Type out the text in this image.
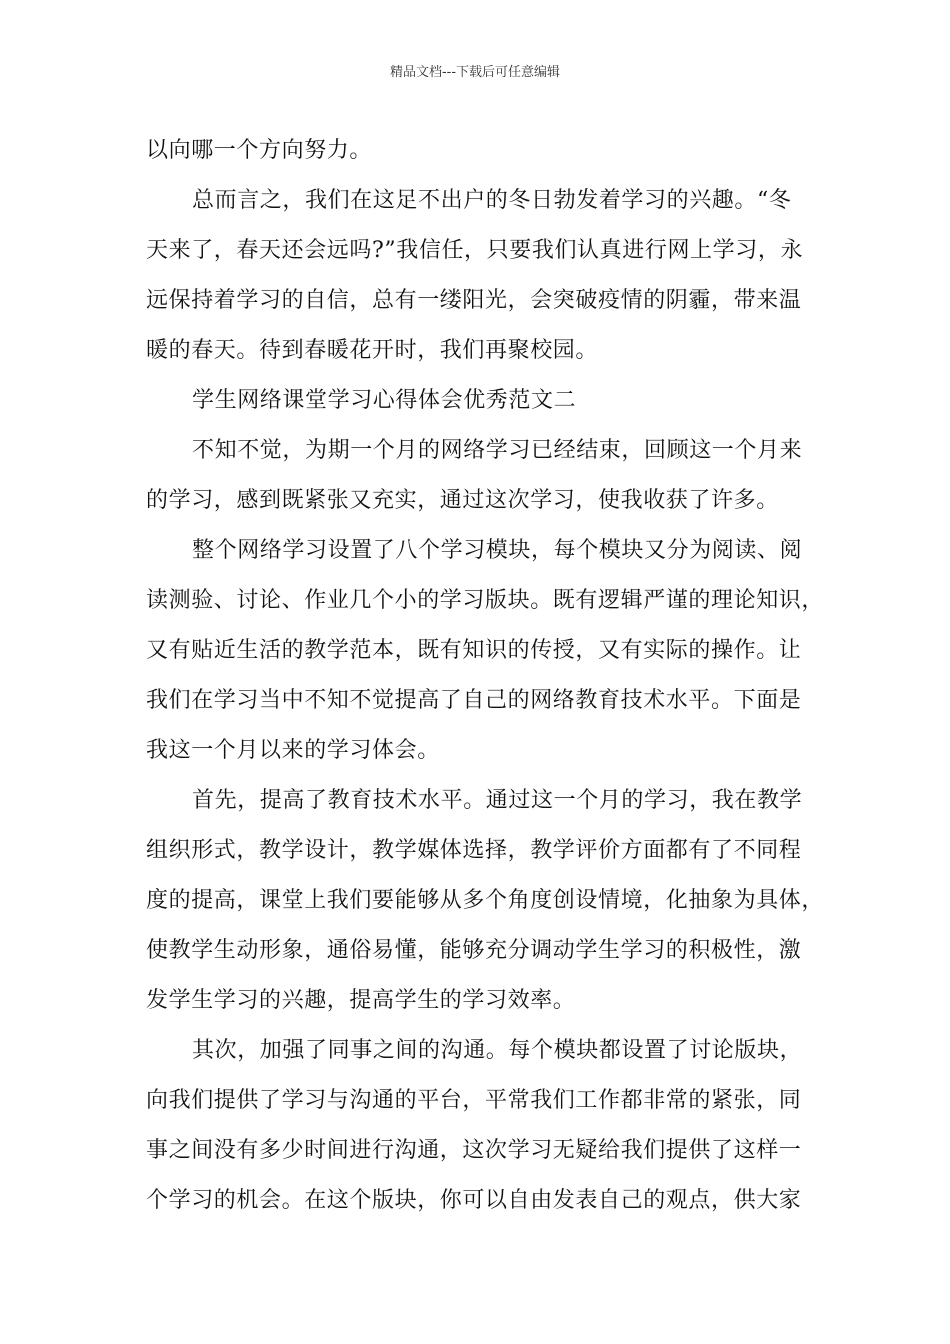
精品文档---下载后可任意编辑

以向哪一个方向努力。

总而言之，我们在这足不出户的冬日勃发着学习的兴趣。“冬
天来了，春天还会远吗?”我信任，只要我们认真进行网上学习，永
远保持着学习的自信，总有一缕阳光，会突破疫情的阴霾，带来温
暖的春天。待到春暖花开时，我们再聚校园。

学生网络课堂学习心得体会优秀范文二

不知不觉，为期一个月的网络学习已经结束，回顾这一个月来
的学习，感到既紧张又充实，通过这次学习，使我收获了许多。

整个网络学习设置了八个学习模块，每个模块又分为阅读、阅
读测验、讨论、作业几个小的学习版块。既有逻辑严谨的理论知识，
又有贴近生活的教学范本，既有知识的传授，又有实际的操作。让
我们在学习当中不知不觉提高了自己的网络教育技术水平。下面是
我这一个月以来的学习体会。

首先，提高了教育技术水平。通过这一个月的学习，我在教学
组织形式，教学设计，教学媒体选择，教学评价方面都有了不同程
度的提高，课堂上我们要能够从多个角度创设情境，化抽象为具体，
使教学生动形象，通俗易懂，能够充分调动学生学习的积极性，激
发学生学习的兴趣，提高学生的学习效率。

其次，加强了同事之间的沟通。每个模块都设置了讨论版块，
向我们提供了学习与沟通的平台，平常我们工作都非常的紧张，同
事之间没有多少时间进行沟通，这次学习无疑给我们提供了这样一
个学习的机会。在这个版块，你可以自由发表自己的观点，供大家
